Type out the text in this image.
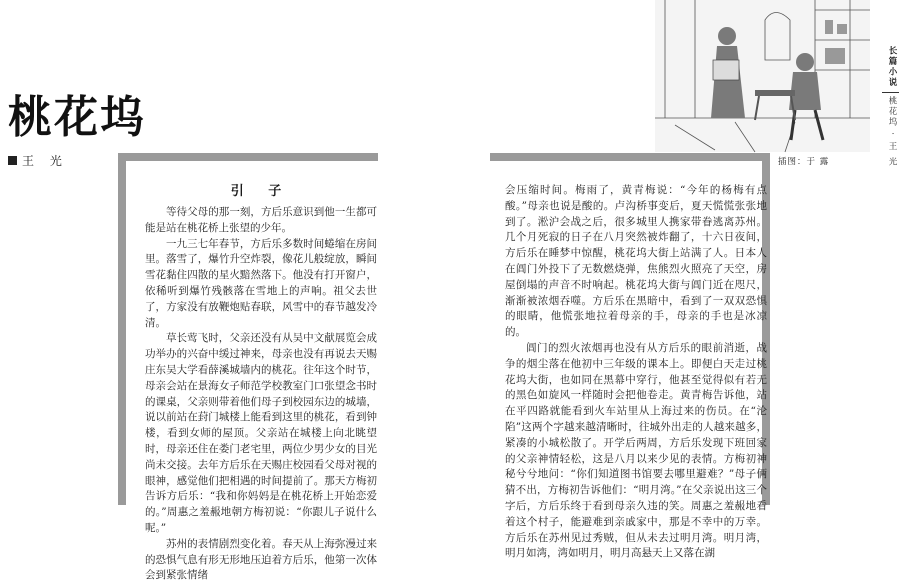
桃花坞
王 光
引 子

等待父母的那一刻，方后乐意识到他一生都可能是站在桃花桥上张望的少年。

一九三七年春节，方后乐多数时间蜷缩在房间里。落雪了，爆竹升空炸裂，像花儿般绽放，瞬间雪花黏住四散的星火黯然落下。他没有打开窗户，依稀听到爆竹残骸落在雪地上的声响。祖父去世了，方家没有放鞭炮贴春联，风雪中的春节越发冷清。

草长莺飞时，父亲还没有从吴中文献展览会成功举办的兴奋中缓过神来，母亲也没有再说去天赐庄东吴大学看薛溪城墙内的桃花。往年这个时节，母亲会站在景海女子师范学校教室门口张望念书时的课桌，父亲则带着他们母子到校园东边的城墙，说以前站在葑门城楼上能看到这里的桃花，看到钟楼，看到女师的屋顶。父亲站在城楼上向北眺望时，母亲还住在娄门老宅里，两位少男少女的目光尚未交接。去年方后乐在天赐庄校园看父母对视的眼神，感觉他们把相遇的时间提前了。那天方梅初告诉方后乐：“我和你妈妈是在桃花桥上开始恋爱的。”周惠之羞赧地朝方梅初说：“你跟儿子说什么呢。”

苏州的表情剧烈变化着。春天从上海弥漫过来的恐惧气息有形无形地压迫着方后乐，他第一次体会到紧张情绪

会压缩时间。梅雨了，黄青梅说：“今年的杨梅有点酸。”母亲也说是酸的。卢沟桥事变后，夏天慌慌张张地到了。淞沪会战之后，很多城里人携家带眷逃离苏州。几个月死寂的日子在八月突然被炸翻了，十六日夜间，方后乐在睡梦中惊醒，桃花坞大街上站满了人。日本人在阊门外投下了无数燃烧弹，焦熊烈火照亮了天空，房屋倒塌的声音不时响起。桃花坞大街与阊门近在咫尺，渐渐被浓烟吞噬。方后乐在黑暗中，看到了一双双恐惧的眼睛，他慌张地拉着母亲的手，母亲的手也是冰凉的。

阊门的烈火浓烟再也没有从方后乐的眼前消逝，战争的烟尘落在他初中三年级的课本上。即便白天走过桃花坞大街，也如同在黑幕中穿行，他甚至觉得似有若无的黑色如旋风一样随时会把他卷走。黄青梅告诉他，站在平四路就能看到火车站里从上海过来的伤员。在“沦陷”这两个字越来越清晰时，往城外出走的人越来越多，紧凑的小城松散了。开学后两周，方后乐发现下班回家的父亲神情轻松，这是八月以来少见的表情。方梅初神秘兮兮地问：“你们知道图书馆要去哪里避难？”母子俩猜不出，方梅初告诉他们：“明月湾。”在父亲说出这三个字后，方后乐终于看到母亲久违的笑。周惠之羞赧地看着这个村子，能避难到亲戚家中，那是不幸中的万幸。方后乐在苏州见过秀贼，但从未去过明月湾。明月湾，明月如湾，湾如明月，明月高悬天上又落在湖

插图：于 露
长篇小说
桃花坞 · 王 光
